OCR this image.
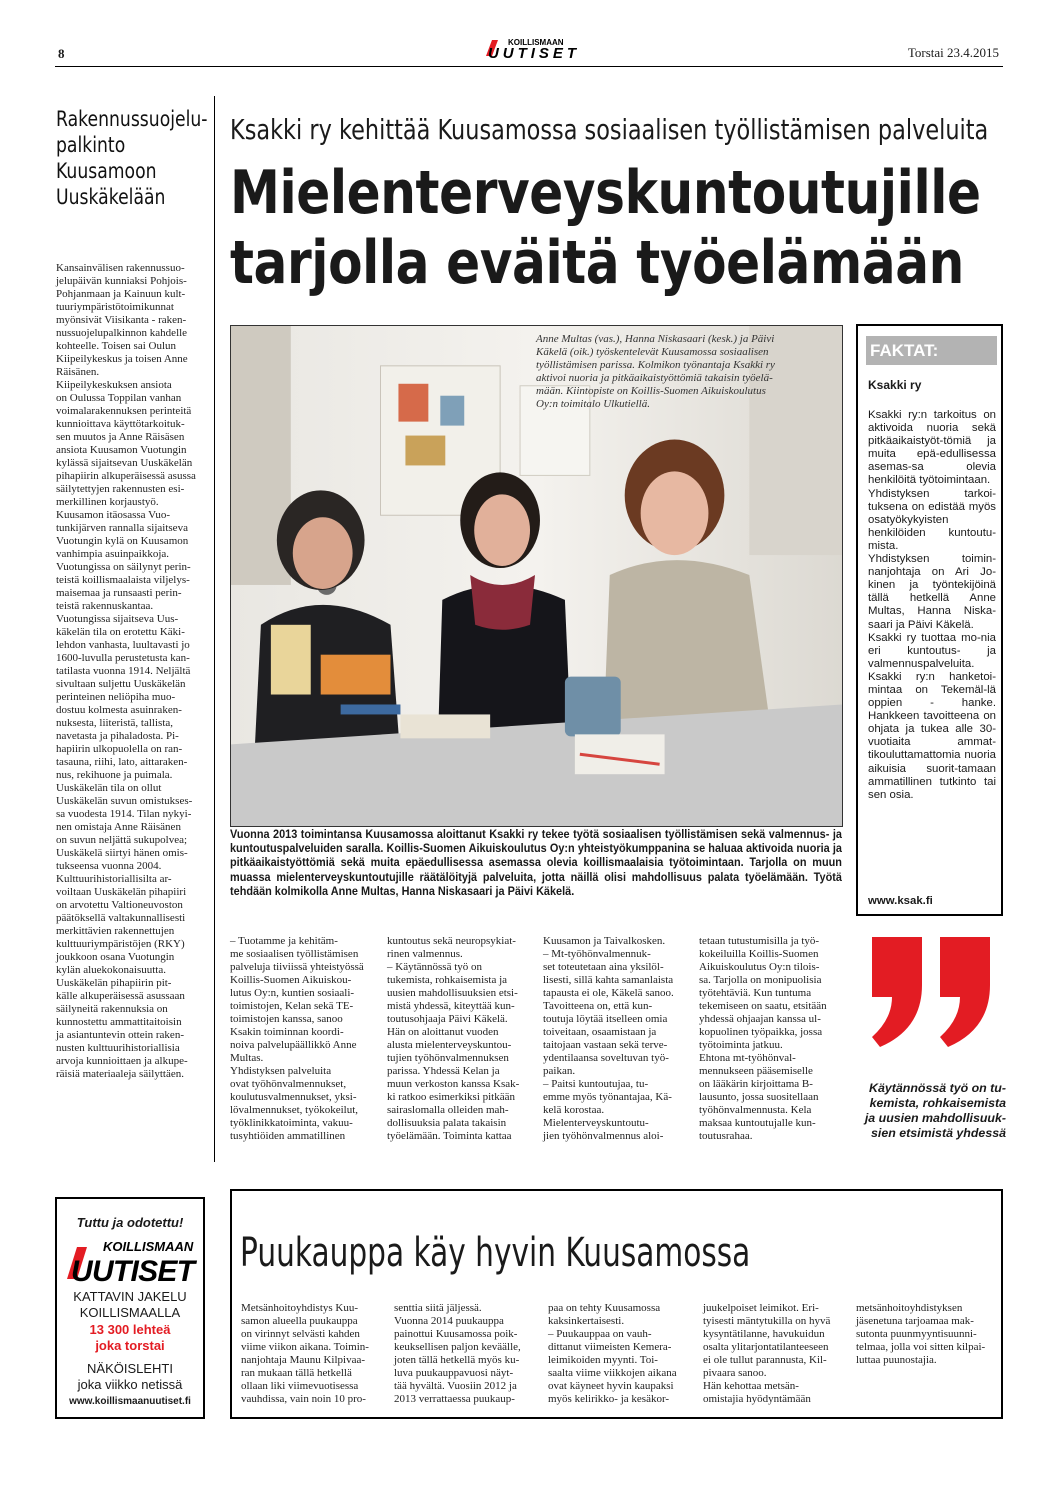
8
KOILLISMAAN
UUTISET	Torstai 23.4.2015
Rakennussuojelu-
palkinto
Kuusamoon
Uuskäkelään
Kansainvälisen rakennussuo-
jelupäivän kunniaksi Pohjois-
Pohjanmaan ja Kainuun kult-
tuuriympäristötoimikunnat
myönsivät Viisikanta - raken-
nussuojelupalkinnon kahdelle
kohteelle. Toisen sai Oulun
Kiipeilykeskus ja toisen Anne
Räisänen.
Kiipeilykeskuksen ansiota
on Oulussa Toppilan vanhan
voimalarakennuksen perinteitä
kunnioittava käyttötarkoituk-
sen muutos ja Anne Räisäsen
ansiota Kuusamon Vuotungin
kylässä sijaitsevan Uuskäkelän
pihapiirin alkuperäisessä asussa
säilytettyjen rakennusten esi-
merkillinen korjaustyö.
Kuusamon itäosassa Vuo-
tunkijärven rannalla sijaitseva
Vuotungin kylä on Kuusamon
vanhimpia asuinpaikkoja.
Vuotungissa on säilynyt perin-
teistä koillismaalaista viljelys-
maisemaa ja runsaasti perin-
teistä rakennuskantaa.
Vuotungissa sijaitseva Uus-
käkelän tila on erotettu Käki-
lehdon vanhasta, luultavasti jo
1600-luvulla perustetusta kan-
tatilasta vuonna 1914. Neljältä
sivultaan suljettu Uuskäkelän
perinteinen neliöpiha muo-
dostuu kolmesta asuinraken-
nuksesta, liiteristä, tallista,
navetasta ja pihaladosta. Pi-
hapiirin ulkopuolella on ran-
tasauna, riihi, lato, aittaraken-
nus, rekihuone ja puimala.
Uuskäkelän tila on ollut
Uuskäkelän suvun omistukses-
sa vuodesta 1914. Tilan nykyi-
nen omistaja Anne Räisänen
on suvun neljättä sukupolvea;
Uuskäkelä siirtyi hänen omis-
tukseensa vuonna 2004.
Kulttuurihistoriallisilta ar-
voiltaan Uuskäkelän pihapiiri
on arvotettu Valtioneuvoston
päätöksellä valtakunnallisesti
merkittävien rakennettujen
kulttuuriympäristöjen (RKY)
joukkoon osana Vuotungin
kylän aluekokonaisuutta.
Uuskäkelän pihapiirin pit-
källe alkuperäisessä asussaan
säilyneitä rakennuksia on
kunnostettu ammattitaitoisin
ja asiantuntevin ottein raken-
nusten kulttuurihistoriallisia
arvoja kunnioittaen ja alkupe-
räisiä materiaaleja säilyttäen.
Tuttu ja odotettu!
KOILLISMAAN
UUTISET
KATTAVIN JAKELU
KOILLISMAALLA
13 300 lehteä
joka torstai
NÄKÖISLEHTI
joka viikko netissä
www.koillismaanuutiset.fi
Ksakki ry kehittää Kuusamossa sosiaalisen työllistämisen palveluita
Mielenterveyskuntoutujille
tarjolla eväitä työelämään
Anne Multas (vas.), Hanna Niskasaari (kesk.) ja Päivi
Käkelä (oik.) työskentelevät Kuusamossa sosiaalisen
työllistämisen parissa. Kolmikon työnantaja Ksakki ry
aktivoi nuoria ja pitkäaikaistyöttömiä takaisin työelä-
mään. Kiintopiste on Koillis-Suomen Aikuiskoulutus
Oy:n toimitalo Ulkutiellä.
Vuonna 2013 toimintansa Kuusamossa aloittanut Ksakki ry tekee työtä sosiaalisen työllistämisen sekä valmennus- ja kuntoutuspalveluiden saralla. Koillis-Suomen Aikuiskoulutus Oy:n yhteistyökumppanina se haluaa aktivoida nuoria ja pitkäaikaistyöttömiä sekä muita epäedullisessa asemassa olevia koillismaalaisia työtoimintaan. Tarjolla on muun muassa mielenterveyskuntoutujille räätälöityjä palveluita, jotta näillä olisi mahdollisuus palata työelämään. Työtä tehdään kolmikolla Anne Multas, Hanna Niskasaari ja Päivi Käkelä.
FAKTAT:
Ksakki ry
Ksakki ry:n tarkoitus on aktivoida nuoria sekä pitkäaikaistyöt-tömiä ja muita epä-edullisessa asemas-sa olevia henkilöitä työtoimintaan.
Yhdistyksen tarkoi-tuksena on edistää myös osatyökykyisten henkilöiden kuntoutu-mista.
Yhdistyksen toimin-nanjohtaja on Ari Jo-kinen ja työntekijöinä tällä hetkellä Anne Multas, Hanna Niska-saari ja Päivi Käkelä.
Ksakki ry tuottaa mo-nia eri kuntoutus- ja valmennuspalveluita.
Ksakki ry:n hanketoi-mintaa on Tekemäl-lä oppien - hanke. Hankkeen tavoitteena on ohjata ja tukea alle 30-vuotiaita ammat-tikouluttamattomia nuoria aikuisia suorit-tamaan ammatillinen tutkinto tai sen osia.
www.ksak.fi
– Tuotamme ja kehitäm-
me sosiaalisen työllistämisen
palveluja tiiviissä yhteistyössä
Koillis-Suomen Aikuiskou-
lutus Oy:n, kuntien sosiaali-
toimistojen, Kelan sekä TE-
toimistojen kanssa, sanoo
Ksakin toiminnan koordi-
noiva palvelupäällikkö Anne
Multas.
Yhdistyksen palveluita
ovat työhönvalmennukset,
koulutusvalmennukset, yksi-
lövalmennukset, työkokeilut,
työklinikkatoiminta, vakuu-
tusyhtiöiden ammatillinen
kuntoutus sekä neuropsykiat-
rinen valmennus.
– Käytännössä työ on
tukemista, rohkaisemista ja
uusien mahdollisuuksien etsi-
mistä yhdessä, kiteyttää kun-
toutusohjaaja Päivi Käkelä.
Hän on aloittanut vuoden
alusta mielenterveyskuntou-
tujien työhönvalmennuksen
parissa. Yhdessä Kelan ja
muun verkoston kanssa Ksak-
ki ratkoo esimerkiksi pitkään
sairaslomalla olleiden mah-
dollisuuksia palata takaisin
työelämään. Toiminta kattaa
Kuusamon ja Taivalkosken.
– Mt-työhönvalmennuk-
set toteutetaan aina yksilöl-
lisesti, sillä kahta samanlaista
tapausta ei ole, Käkelä sanoo.
Tavoitteena on, että kun-
toutuja löytää itselleen omia
toiveitaan, osaamistaan ja
taitojaan vastaan sekä terve-
ydentilaansa soveltuvan työ-
paikan.
– Paitsi kuntoutujaa, tu-
emme myös työnantajaa, Kä-
kelä korostaa.
Mielenterveyskuntoutu-
jien työhönvalmennus aloi-
tetaan tutustumisilla ja työ-
kokeiluilla Koillis-Suomen
Aikuiskoulutus Oy:n tilois-
sa. Tarjolla on monipuolisia
työtehtäviä. Kun tuntuma
tekemiseen on saatu, etsitään
yhdessä ohjaajan kanssa ul-
kopuolinen työpaikka, jossa
työtoiminta jatkuu.
Ehtona mt-työhönval-
mennukseen pääsemiselle
on lääkärin kirjoittama B-
lausunto, jossa suositellaan
työhönvalmennusta. Kela
maksaa kuntoutujalle kun-
toutusrahaa.
Käytännössä työ on tu-
kemista, rohkaisemista
ja uusien mahdollisuuk-
sien etsimistä yhdessä
Puukauppa käy hyvin Kuusamossa
Metsänhoitoyhdistys Kuu-
samon alueella puukauppa
on virinnyt selvästi kahden
viime viikon aikana. Toimin-
nanjohtaja Maunu Kilpivaa-
ran mukaan tällä hetkellä
ollaan liki viimevuotisessa
vauhdissa, vain noin 10 pro-
senttia siitä jäljessä.
Vuonna 2014 puukauppa
painottui Kuusamossa poik-
keuksellisen paljon keväälle,
joten tällä hetkellä myös ku-
luva puukauppavuosi näyt-
tää hyvältä. Vuosiin 2012 ja
2013 verrattaessa puukaup-
paa on tehty Kuusamossa
kaksinkertaisesti.
– Puukauppaa on vauh-
dittanut viimeisten Kemera-
leimikoiden myynti. Toi-
saalta viime viikkojen aikana
ovat käyneet hyvin kaupaksi
myös kelirikko- ja kesäkor-
juukelpoiset leimikot. Eri-
tyisesti mäntytukilla on hyvä
kysyntätilanne, havukuidun
osalta ylitarjontatilanteeseen
ei ole tullut parannusta, Kil-
pivaara sanoo.
Hän kehottaa metsän-
omistajia hyödyntämään
metsänhoitoyhdistyksen
jäsenetuna tarjoamaa mak-
sutonta puunmyyntisuunni-
telmaa, jolla voi sitten kilpai-
luttaa puunostajia.
